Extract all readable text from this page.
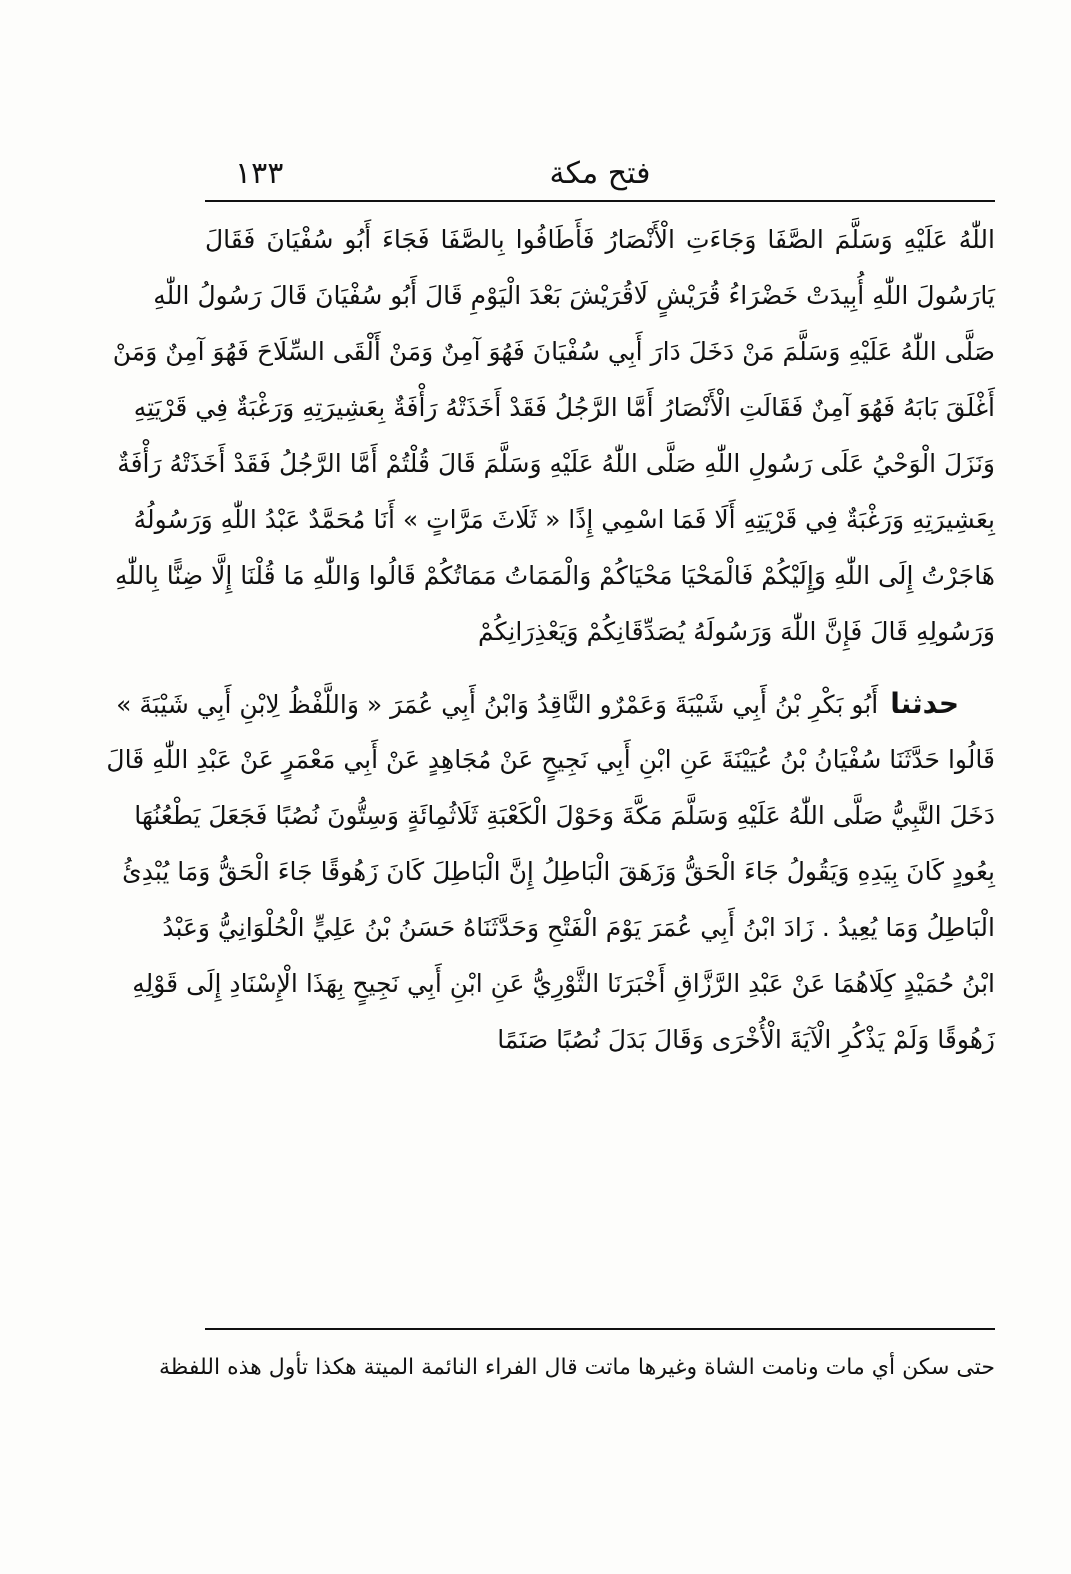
فتح مكة
١٣٣
اللّٰهُ عَلَيْهِ وَسَلَّمَ الصَّفَا وَجَاءَتِ الْأَنْصَارُ فَأَطَافُوا بِالصَّفَا فَجَاءَ أَبُو سُفْيَانَ فَقَالَ
يَارَسُولَ اللّٰهِ أُبِيدَتْ خَضْرَاءُ قُرَيْشٍ لَاقُرَيْشَ بَعْدَ الْيَوْمِ قَالَ أَبُو سُفْيَانَ قَالَ رَسُولُ اللّٰهِ
صَلَّى اللّٰهُ عَلَيْهِ وَسَلَّمَ مَنْ دَخَلَ دَارَ أَبِي سُفْيَانَ فَهُوَ آمِنٌ وَمَنْ أَلْقَى السِّلَاحَ فَهُوَ آمِنٌ وَمَنْ
أَغْلَقَ بَابَهُ فَهُوَ آمِنٌ فَقَالَتِ الْأَنْصَارُ أَمَّا الرَّجُلُ فَقَدْ أَخَذَتْهُ رَأْفَةٌ بِعَشِيرَتِهِ وَرَغْبَةٌ فِي قَرْيَتِهِ
وَنَزَلَ الْوَحْيُ عَلَى رَسُولِ اللّٰهِ صَلَّى اللّٰهُ عَلَيْهِ وَسَلَّمَ قَالَ قُلْتُمْ أَمَّا الرَّجُلُ فَقَدْ أَخَذَتْهُ رَأْفَةٌ
بِعَشِيرَتِهِ وَرَغْبَةٌ فِي قَرْيَتِهِ أَلَا فَمَا اسْمِي إِذًا « ثَلَاثَ مَرَّاتٍ » أَنَا مُحَمَّدٌ عَبْدُ اللّٰهِ وَرَسُولُهُ
هَاجَرْتُ إِلَى اللّٰهِ وَإِلَيْكُمْ فَالْمَحْيَا مَحْيَاكُمْ وَالْمَمَاتُ مَمَاتُكُمْ قَالُوا وَاللّٰهِ مَا قُلْنَا إِلَّا ضِنًّا بِاللّٰهِ
وَرَسُولِهِ قَالَ فَإِنَّ اللّٰهَ وَرَسُولَهُ يُصَدِّقَانِكُمْ وَيَعْذِرَانِكُمْ
حدثناأَبُو بَكْرِ بْنُ أَبِي شَيْبَةَ وَعَمْرٌو النَّاقِدُ وَابْنُ أَبِي عُمَرَ « وَاللَّفْظُ لِابْنِ أَبِي شَيْبَةَ »
قَالُوا حَدَّثَنَا سُفْيَانُ بْنُ عُيَيْنَةَ عَنِ ابْنِ أَبِي نَجِيحٍ عَنْ مُجَاهِدٍ عَنْ أَبِي مَعْمَرٍ عَنْ عَبْدِ اللّٰهِ قَالَ
دَخَلَ النَّبِيُّ صَلَّى اللّٰهُ عَلَيْهِ وَسَلَّمَ مَكَّةَ وَحَوْلَ الْكَعْبَةِ ثَلَاثُمِائَةٍ وَسِتُّونَ نُصُبًا فَجَعَلَ يَطْعُنُهَا
بِعُودٍ كَانَ بِيَدِهِ وَيَقُولُ جَاءَ الْحَقُّ وَزَهَقَ الْبَاطِلُ إِنَّ الْبَاطِلَ كَانَ زَهُوقًا جَاءَ الْحَقُّ وَمَا يُبْدِئُ
الْبَاطِلُ وَمَا يُعِيدُ . زَادَ ابْنُ أَبِي عُمَرَ يَوْمَ الْفَتْحِ وَحَدَّثَنَاهُ حَسَنُ بْنُ عَلِيٍّ الْحُلْوَانِيُّ وَعَبْدُ
ابْنُ حُمَيْدٍ كِلَاهُمَا عَنْ عَبْدِ الرَّزَّاقِ أَخْبَرَنَا الثَّوْرِيُّ عَنِ ابْنِ أَبِي نَجِيحٍ بِهَذَا الْإِسْنَادِ إِلَى قَوْلِهِ
زَهُوقًا وَلَمْ يَذْكُرِ الْآيَةَ الْأُخْرَى وَقَالَ بَدَلَ نُصُبًا صَنَمًا
حتى سكن أي مات ونامت الشاة وغيرها ماتت قال الفراء النائمة الميتة هكذا تأول هذه اللفظة
